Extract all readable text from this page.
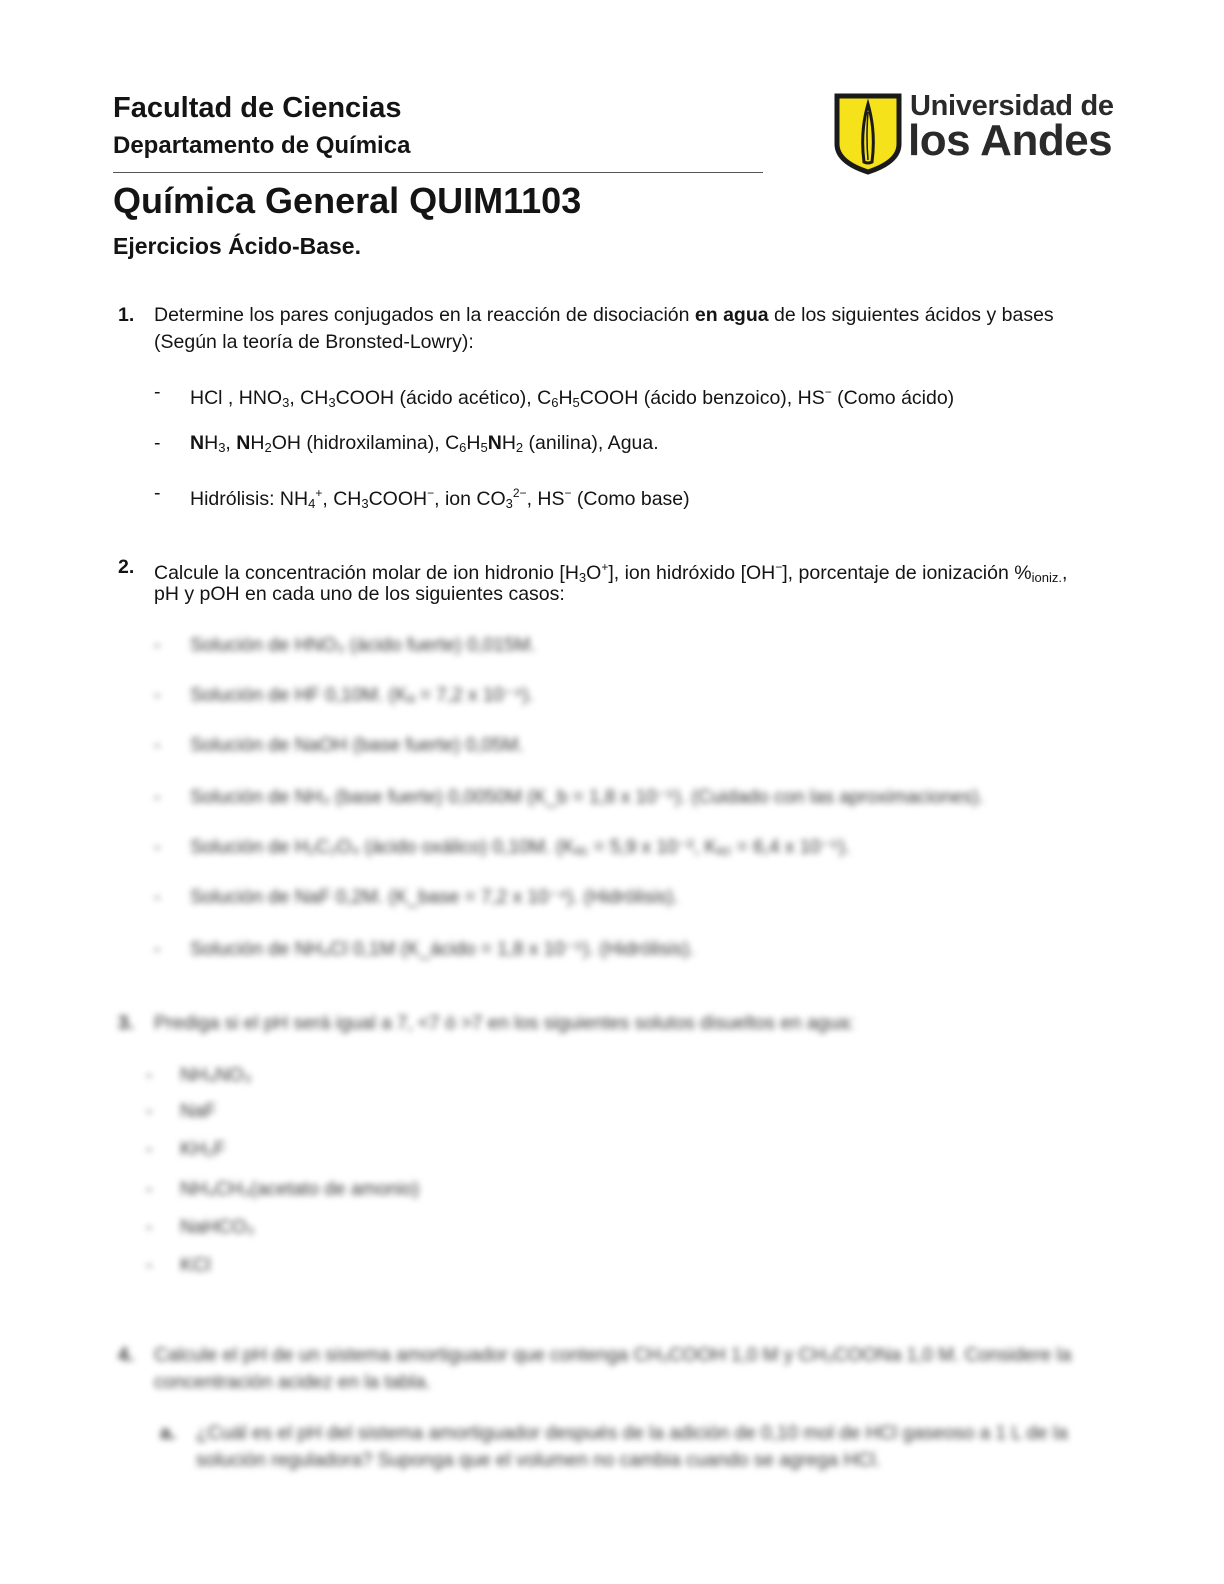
Facultad de Ciencias
Departamento de Química
Química General QUIM1103
Ejercicios Ácido-Base.
Universidad de
los Andes
1. Determine los pares conjugados en la reacción de disociación en agua de los siguientes ácidos y bases (Según la teoría de Bronsted-Lowry):
- HCl , $HNO_3$, $CH_3COOH$ (ácido acético), $C_6H_5COOH$ (ácido benzoico), HS− (Como ácido)
- $NH_3$, $NH_2OH$ (hidroxilamina), $C_6H_5NH_2$ (anilina), Agua.
- Hidrólisis: $NH_4^+$, $CH_3COOH^-$, ion $CO_3^{2-}$, HS− (Como base)
2. Calcule la concentración molar de ion hidronio $[H_3O^+]$, ion hidróxido [OH−], porcentaje de ionización %ioniz.,
pH y pOH en cada uno de los siguientes casos:
- Solución de HNO₃ (ácido fuerte) 0,015M.
- Solución de HF 0,10M. (Kₐ = 7,2 x 10⁻⁴).
- Solución de NaOH (base fuerte) 0,05M.
- Solución de NH₃ (base fuerte) 0,0050M (K_b = 1,8 x 10⁻⁵). (Cuidado con las aproximaciones).
- Solución de H₂C₂O₄ (ácido oxálico) 0,10M. (Kₐ₁ = 5,9 x 10⁻², Kₐ₂ = 6,4 x 10⁻⁵).
- Solución de NaF 0,2M. (K_base = 7,2 x 10⁻⁴). (Hidrólisis).
- Solución de NH₄Cl 0,1M (K_ácido = 1,8 x 10⁻⁵). (Hidrólisis).
3. Prediga si el pH será igual a 7, <7 ó >7 en los siguientes solutos disueltos en agua:
- NH₄NO₃
- NaF
- KH₂F
- NH₄CH₃(acetato de amonio)
- NaHCO₃
- KCl
4. Calcule el pH de un sistema amortiguador que contenga CH₃COOH 1,0 M y CH₃COONa 1,0 M. Considere la concentración acidez en la tabla.
a. ¿Cuál es el pH del sistema amortiguador después de la adición de 0,10 mol de HCl gaseoso a 1 L de la solución reguladora? Suponga que el volumen no cambia cuando se agrega HCl.
